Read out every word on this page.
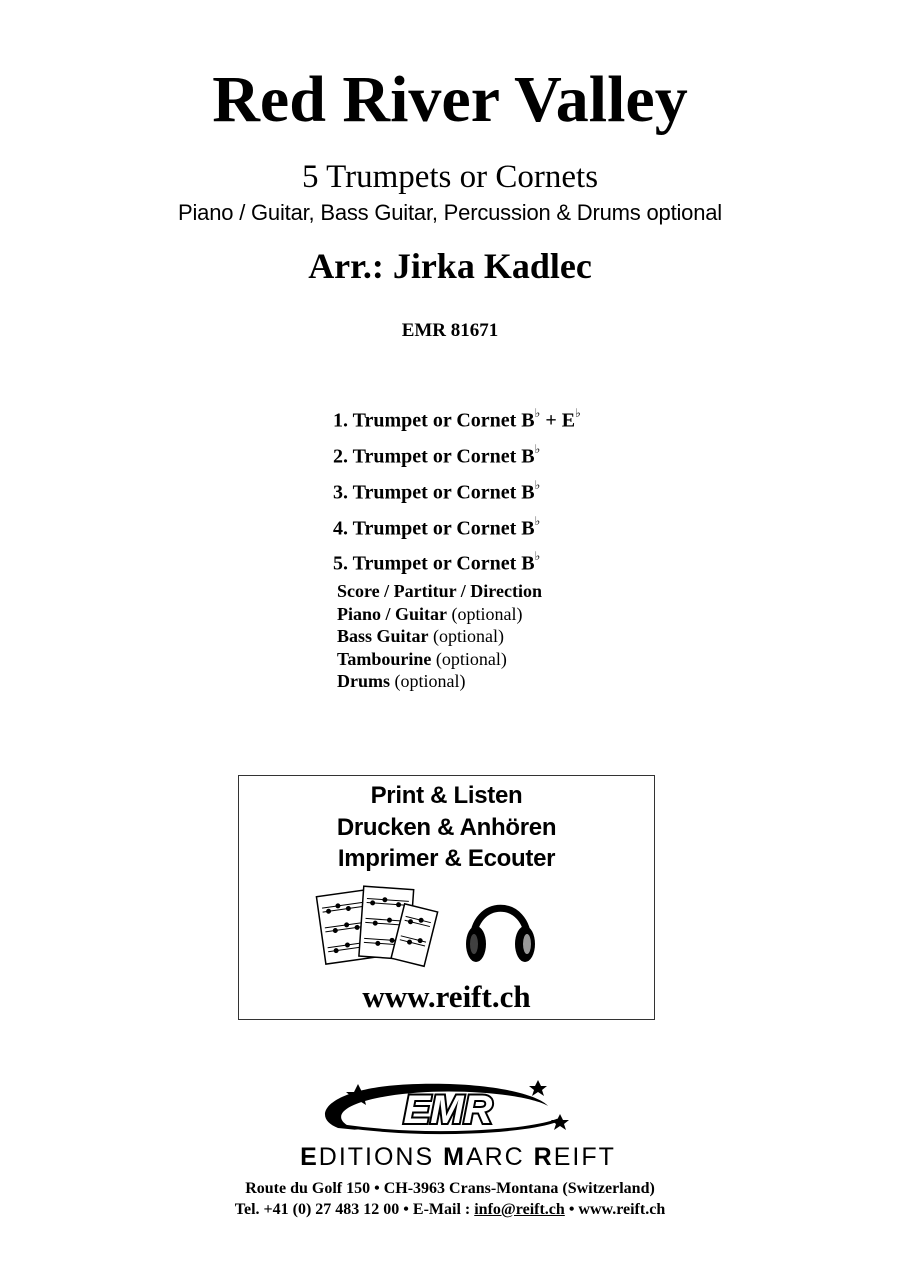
Red River Valley
5 Trumpets or Cornets
Piano / Guitar, Bass Guitar, Percussion & Drums optional
Arr.: Jirka Kadlec
EMR 81671
1. Trumpet or Cornet B♭ + E♭
2. Trumpet or Cornet B♭
3. Trumpet or Cornet B♭
4. Trumpet or Cornet B♭
5. Trumpet or Cornet B♭
Score / Partitur / Direction
Piano / Guitar (optional)
Bass Guitar (optional)
Tambourine (optional)
Drums (optional)
Print & Listen
Drucken & Anhören
Imprimer & Ecouter
www.reift.ch
EMR
EDITIONS MARC REIFT
Route du Golf 150 • CH-3963 Crans-Montana (Switzerland)
Tel. +41 (0) 27 483 12 00 • E-Mail : info@reift.ch • www.reift.ch
